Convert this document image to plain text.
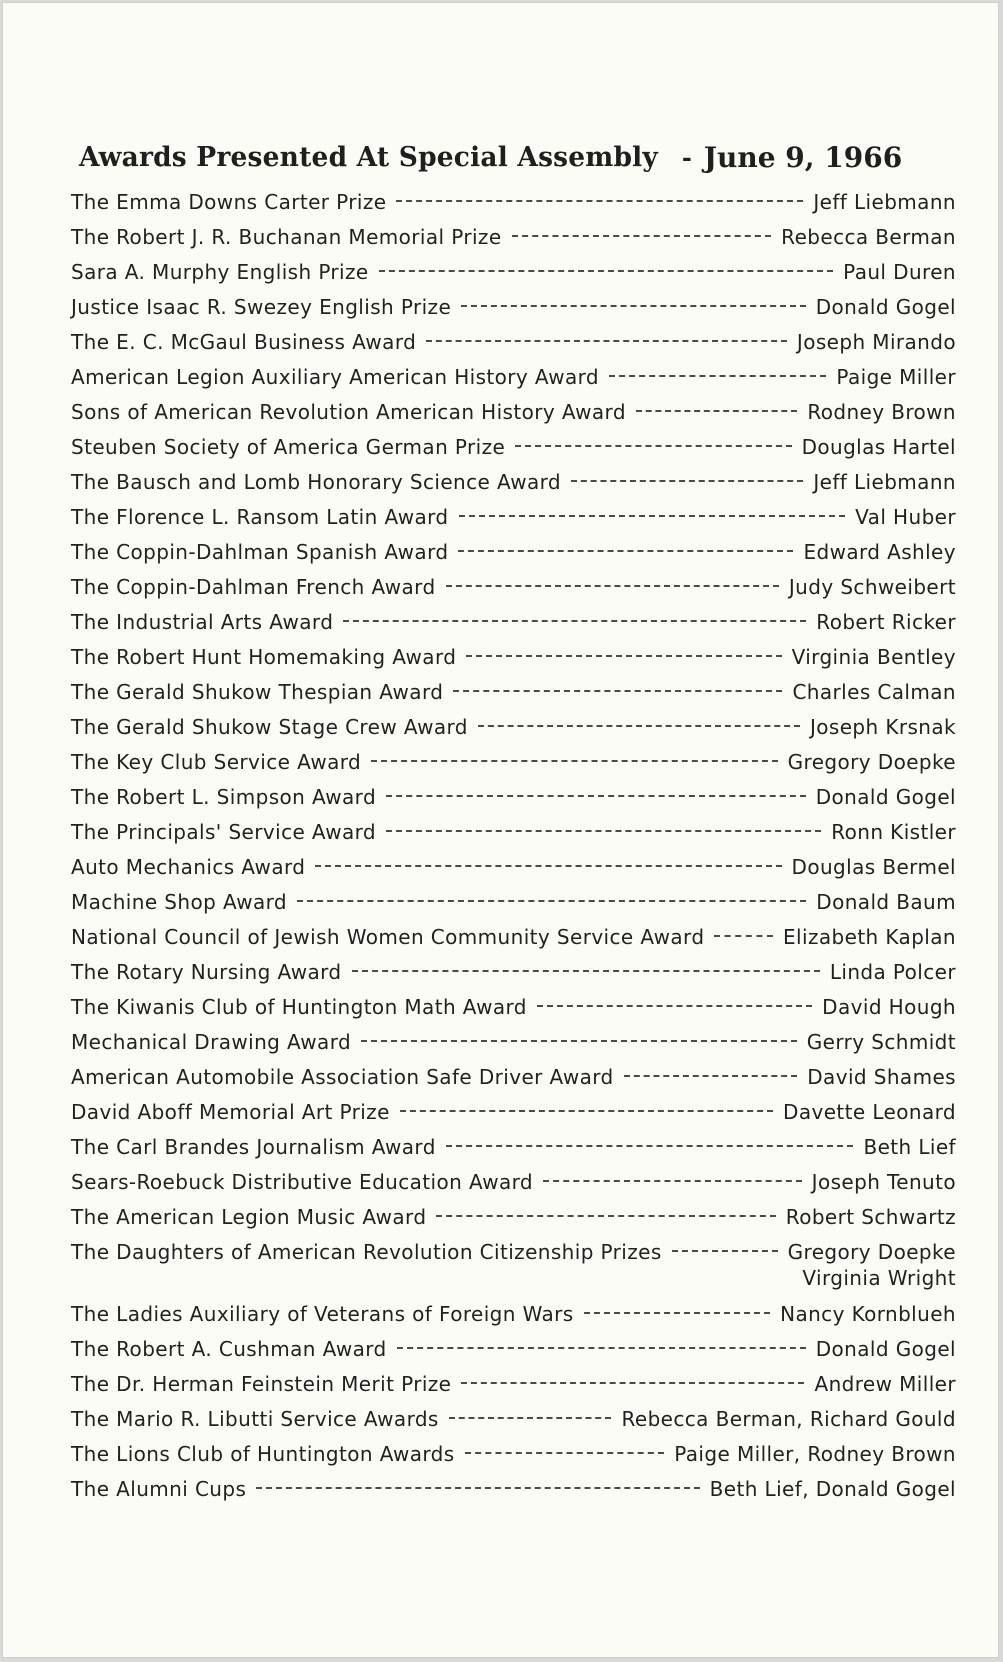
Awards Presented At Special Assembly - June 9, 1966
The Emma Downs Carter Prize	Jeff Liebmann
The Robert J. R. Buchanan Memorial Prize	Rebecca Berman
Sara A. Murphy English Prize	Paul Duren
Justice Isaac R. Swezey English Prize	Donald Gogel
The E. C. McGaul Business Award	Joseph Mirando
American Legion Auxiliary American History Award	Paige Miller
Sons of American Revolution American History Award	Rodney Brown
Steuben Society of America German Prize	Douglas Hartel
The Bausch and Lomb Honorary Science Award	Jeff Liebmann
The Florence L. Ransom Latin Award	Val Huber
The Coppin-Dahlman Spanish Award	Edward Ashley
The Coppin-Dahlman French Award	Judy Schweibert
The Industrial Arts Award	Robert Ricker
The Robert Hunt Homemaking Award	Virginia Bentley
The Gerald Shukow Thespian Award	Charles Calman
The Gerald Shukow Stage Crew Award	Joseph Krsnak
The Key Club Service Award	Gregory Doepke
The Robert L. Simpson Award	Donald Gogel
The Principals' Service Award	Ronn Kistler
Auto Mechanics Award	Douglas Bermel
Machine Shop Award	Donald Baum
National Council of Jewish Women Community Service Award	Elizabeth Kaplan
The Rotary Nursing Award	Linda Polcer
The Kiwanis Club of Huntington Math Award	David Hough
Mechanical Drawing Award	Gerry Schmidt
American Automobile Association Safe Driver Award	David Shames
David Aboff Memorial Art Prize	Davette Leonard
The Carl Brandes Journalism Award	Beth Lief
Sears-Roebuck Distributive Education Award	Joseph Tenuto
The American Legion Music Award	Robert Schwartz
The Daughters of American Revolution Citizenship Prizes	Gregory Doepke
Virginia Wright
The Ladies Auxiliary of Veterans of Foreign Wars	Nancy Kornblueh
The Robert A. Cushman Award	Donald Gogel
The Dr. Herman Feinstein Merit Prize	Andrew Miller
The Mario R. Libutti Service Awards	Rebecca Berman, Richard Gould
The Lions Club of Huntington Awards	Paige Miller, Rodney Brown
The Alumni Cups	Beth Lief, Donald Gogel
